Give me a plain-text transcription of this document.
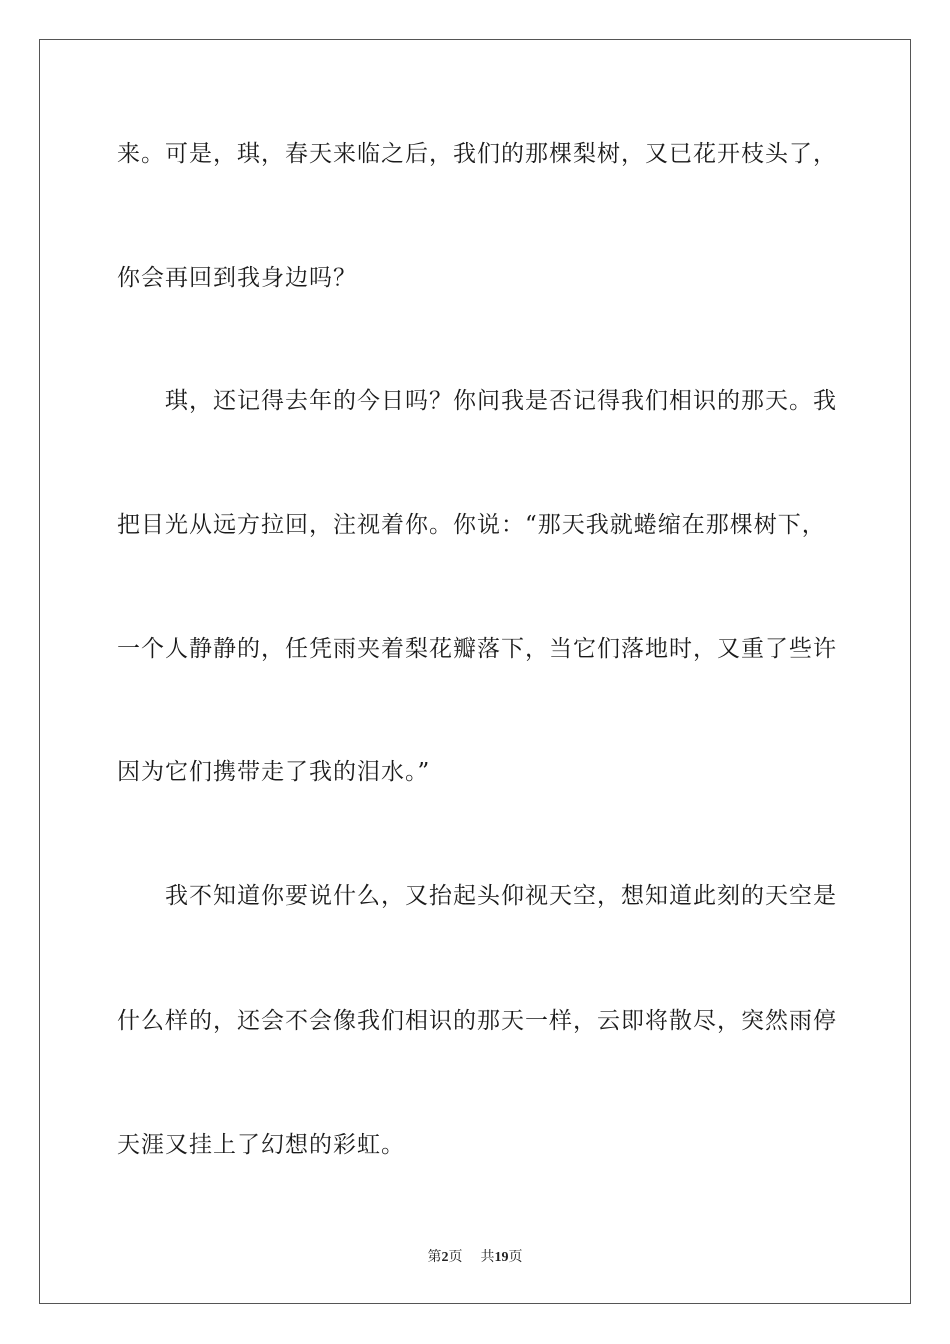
来。可是，琪，春天来临之后，我们的那棵梨树，又已花开枝头了，
你会再回到我身边吗？
　　琪，还记得去年的今日吗？你问我是否记得我们相识的那天。我
把目光从远方拉回，注视着你。你说：“那天我就蜷缩在那棵树下，
一个人静静的，任凭雨夹着梨花瓣落下，当它们落地时，又重了些许
因为它们携带走了我的泪水。”
　　我不知道你要说什么，又抬起头仰视天空，想知道此刻的天空是
什么样的，还会不会像我们相识的那天一样，云即将散尽，突然雨停
天涯又挂上了幻想的彩虹。
第2页 共19页
